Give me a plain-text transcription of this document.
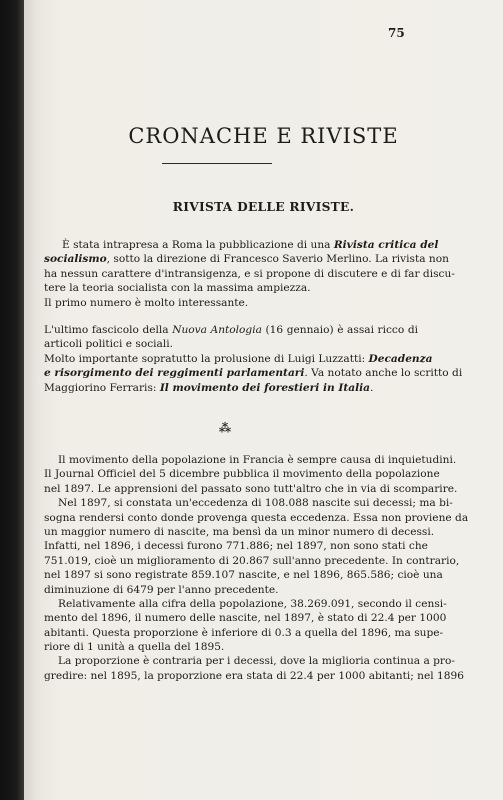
75
CRONACHE E RIVISTE
RIVISTA DELLE RIVISTE.
È stata intrapresa a Roma la pubblicazione di una Rivista critica del
socialismo, sotto la direzione di Francesco Saverio Merlino. La rivista non
ha nessun carattere d'intransigenza, e si propone di discutere e di far discu-
tere la teoria socialista con la massima ampiezza.
Il primo numero è molto interessante.
L'ultimo fascicolo della Nuova Antologia (16 gennaio) è assai ricco di
articoli politici e sociali.
Molto importante sopratutto la prolusione di Luigi Luzzatti: Decadenza
e risorgimento dei reggimenti parlamentari. Va notato anche lo scritto di
Maggiorino Ferraris: Il movimento dei forestieri in Italia.
⁂
Il movimento della popolazione in Francia è sempre causa di inquietudini.
Il Journal Officiel del 5 dicembre pubblica il movimento della popolazione
nel 1897. Le apprensioni del passato sono tutt'altro che in via di scomparire.
Nel 1897, si constata un'eccedenza di 108.088 nascite sui decessi; ma bi-
sogna rendersi conto donde provenga questa eccedenza. Essa non proviene da
un maggior numero di nascite, ma bensì da un minor numero di decessi.
Infatti, nel 1896, i decessi furono 771.886; nel 1897, non sono stati che
751.019, cioè un miglioramento di 20.867 sull'anno precedente. In contrario,
nel 1897 si sono registrate 859.107 nascite, e nel 1896, 865.586; cioè una
diminuzione di 6479 per l'anno precedente.
Relativamente alla cifra della popolazione, 38.269.091, secondo il censi-
mento del 1896, il numero delle nascite, nel 1897, è stato di 22.4 per 1000
abitanti. Questa proporzione è inferiore di 0.3 a quella del 1896, ma supe-
riore di 1 unità a quella del 1895.
La proporzione è contraria per i decessi, dove la miglioria continua a pro-
gredire: nel 1895, la proporzione era stata di 22.4 per 1000 abitanti; nel 1896
